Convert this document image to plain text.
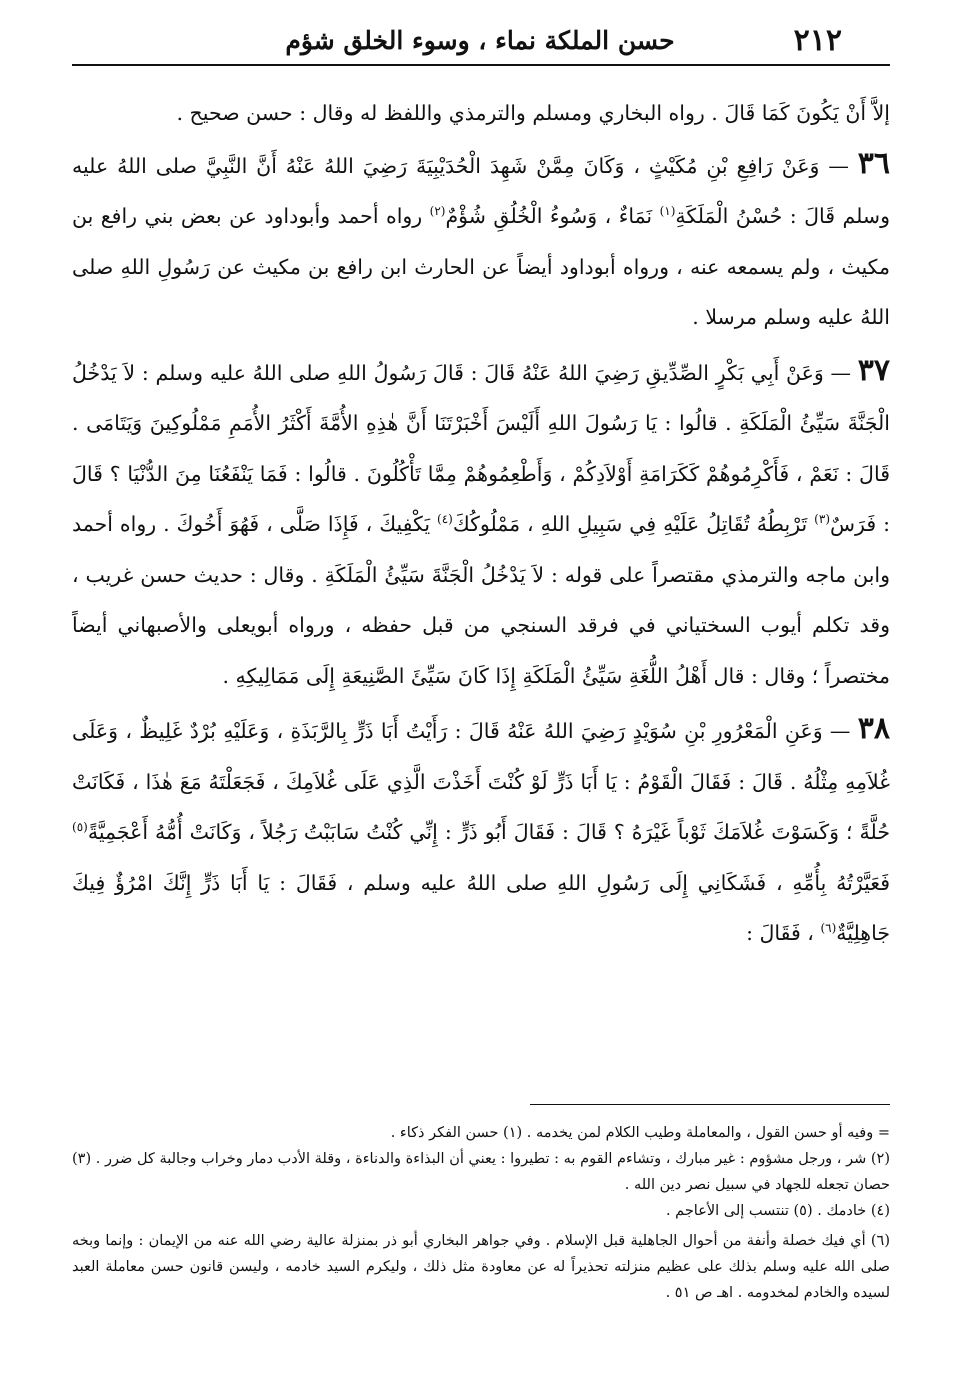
٢١٢
حسن الملكة نماء ، وسوء الخلق شؤم

إلاَّ أَنْ يَكُونَ كَمَا قَالَ . رواه البخاري ومسلم والترمذي واللفظ له وقال : حسن صحيح .

٣٦ — وَعَنْ رَافِعِ بْنِ مُكَيْثٍ ، وَكَانَ مِمَّنْ شَهِدَ الْحُدَيْبِيَةَ رَضِيَ اللهُ عَنْهُ أَنَّ النَّبِيَّ صلى اللهُ عليه وسلم قَالَ : حُسْنُ الْمَلَكَةِ$^{(١)}$ نَمَاءٌ ، وَسُوءُ الْخُلُقِ شُؤْمٌ$^{(٢)}$ رواه أحمد وأبوداود عن بعض بني رافع بن مكيث ، ولم يسمعه عنه ، ورواه أبوداود أيضاً عن الحارث ابن رافع بن مكيث عن رَسُولِ اللهِ صلى اللهُ عليه وسلم مرسلا .

٣٧ — وَعَنْ أَبِي بَكْرٍ الصِّدِّيقِ رَضِيَ اللهُ عَنْهُ قَالَ : قَالَ رَسُولُ اللهِ صلى اللهُ عليه وسلم : لاَ يَدْخُلُ الْجَنَّةَ سَيِّئُ الْمَلَكَةِ . قالُوا : يَا رَسُولَ اللهِ أَلَيْسَ أَخْبَرْتَنَا أَنَّ هٰذِهِ الأُمَّةَ أَكْثَرُ الأُمَمِ مَمْلُوكِينَ وَيَتَامَى . قَالَ : نَعَمْ ، فَأَكْرِمُوهُمْ كَكَرَامَةِ أَوْلاَدِكُمْ ، وَأَطْعِمُوهُمْ مِمَّا تَأْكُلُونَ . قالُوا : فَمَا يَنْفَعُنَا مِنَ الدُّنْيَا ؟ قَالَ : فَرَسٌ$^{(٣)}$ تَرْبِطُهُ تُقَاتِلُ عَلَيْهِ فِي سَبِيلِ اللهِ ، مَمْلُوكُكَ$^{(٤)}$ يَكْفِيكَ ، فَإِذَا صَلَّى ، فَهُوَ أَخُوكَ . رواه أحمد وابن ماجه والترمذي مقتصراً على قوله : لاَ يَدْخُلُ الْجَنَّةَ سَيِّئُ الْمَلَكَةِ . وقال : حديث حسن غريب ، وقد تكلم أيوب السختياني في فرقد السنجي من قبل حفظه ، ورواه أبويعلى والأصبهاني أيضاً مختصراً ؛ وقال : قال أَهْلُ اللُّغَةِ سَيِّئُ الْمَلَكَةِ إِذَا كَانَ سَيِّئَ الصَّنِيعَةِ إِلَى مَمَالِيكِهِ .

٣٨ — وَعَنِ الْمَعْرُورِ بْنِ سُوَيْدٍ رَضِيَ اللهُ عَنْهُ قَالَ : رَأَيْتُ أَبَا ذَرٍّ بِالرَّبَذَةِ ، وَعَلَيْهِ بُرْدٌ غَلِيظٌ ، وَعَلَى غُلاَمِهِ مِثْلُهُ . قَالَ : فَقَالَ الْقَوْمُ : يَا أَبَا ذَرٍّ لَوْ كُنْتَ أَخَذْتَ الَّذِي عَلَى غُلاَمِكَ ، فَجَعَلْتَهُ مَعَ هٰذَا ، فَكَانَتْ حُلَّةً ؛ وَكَسَوْتَ غُلاَمَكَ ثَوْباً غَيْرَهُ ؟ قَالَ : فَقَالَ أَبُو ذَرٍّ : إِنِّي كُنْتُ سَابَبْتُ رَجُلاً ، وَكَانَتْ أُمُّهُ أَعْجَمِيَّةً$^{(٥)}$ فَعَيَّرْتُهُ بِأُمِّهِ ، فَشَكَانِي إِلَى رَسُولِ اللهِ صلى اللهُ عليه وسلم ، فَقَالَ : يَا أَبَا ذَرٍّ إِنَّكَ امْرُؤٌ فِيكَ جَاهِلِيَّةٌ$^{(٦)}$ ، فَقَالَ :

= وفيه أو حسن القول ، والمعاملة وطيب الكلام لمن يخدمه . (١) حسن الفكر ذكاء .

(٢) شر ، ورجل مشؤوم : غير مبارك ، وتشاءم القوم به : تطيروا : يعني أن البذاءة والدناءة ، وقلة الأدب دمار وخراب وجالبة كل ضرر . (٣) حصان تجعله للجهاد في سبيل نصر دين الله .

(٤) خادمك . (٥) تنتسب إلى الأعاجم .

(٦) أي فيك خصلة وأنفة من أحوال الجاهلية قبل الإسلام . وفي جواهر البخاري أبو ذر بمنزلة عالية رضي الله عنه من الإيمان : وإنما وبخه صلى الله عليه وسلم بذلك على عظيم منزلته تحذيراً له عن معاودة مثل ذلك ، وليكرم السيد خادمه ، وليسن قانون حسن معاملة العبد لسيده والخادم لمخدومه . اهـ ص ٥١ .
